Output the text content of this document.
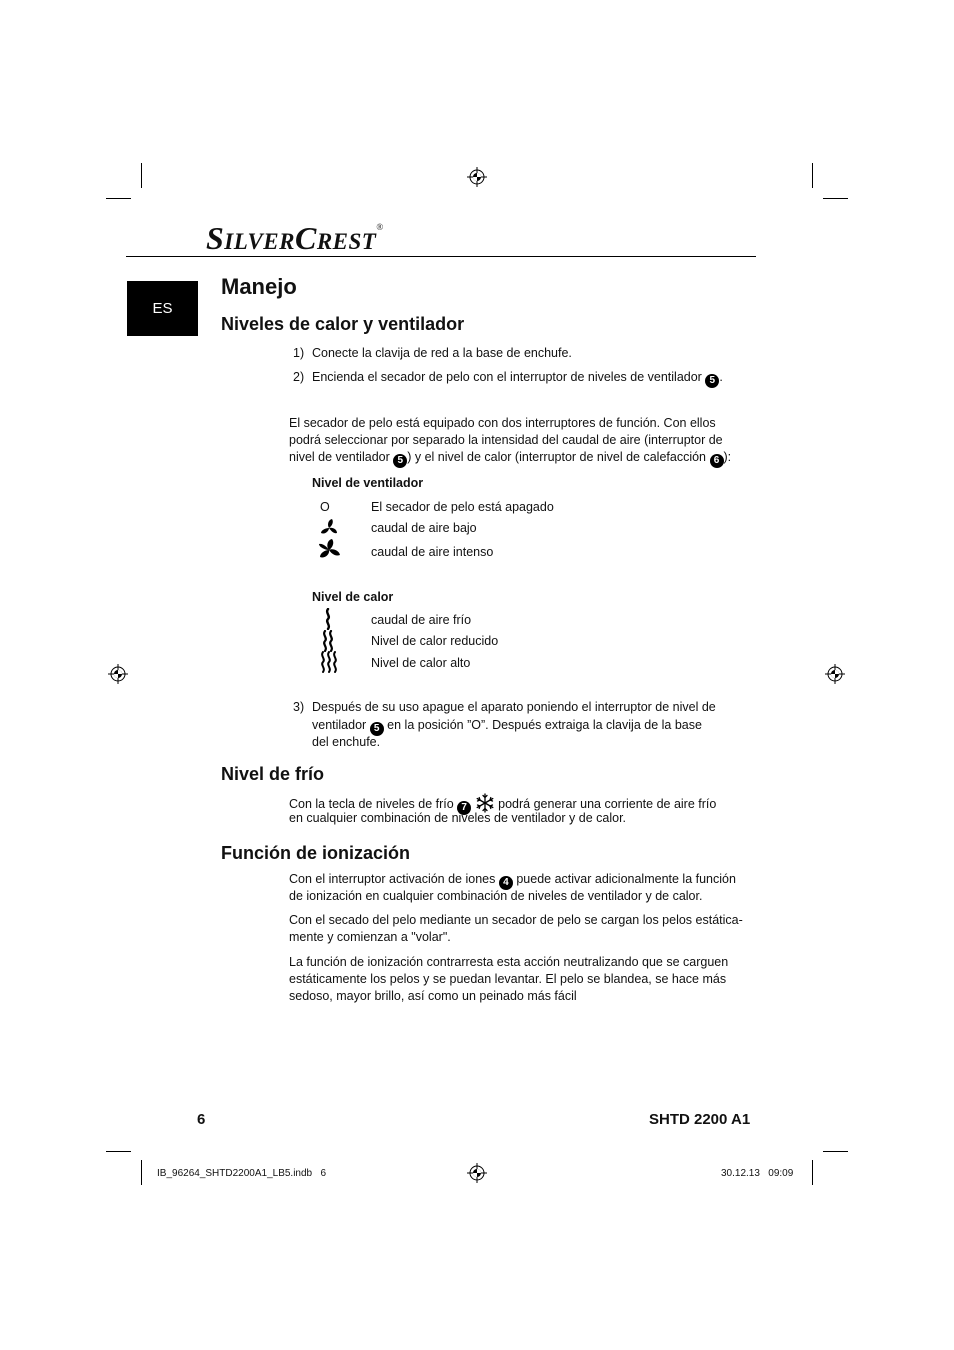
SILVERCREST®
ES
Manejo
Niveles de calor y ventilador
1) Conecte la clavija de red a la base de enchufe.
2) Encienda el secador de pelo con el interruptor de niveles de ventilador 5 .
El secador de pelo está equipado con dos interruptores de función. Con ellos
podrá seleccionar por separado la intensidad del caudal de aire (interruptor de
nivel de ventilador 5 ) y el nivel de calor (interruptor de nivel de calefacción 6 ):
Nivel de ventilador
O	El secador de pelo está apagado
caudal de aire bajo
caudal de aire intenso
Nivel de calor
caudal de aire frío
Nivel de calor reducido
Nivel de calor alto
3) Después de su uso apague el aparato poniendo el interruptor de nivel de
ventilador 5 en la posición ”O”. Después extraiga la clavija de la base
del enchufe.
Nivel de frío
Con la tecla de niveles de frío 7 podrá generar una corriente de aire frío
en cualquier combinación de niveles de ventilador y de calor.
Función de ionización
Con el interruptor activación de iones 4 puede activar adicionalmente la función
de ionización en cualquier combinación de niveles de ventilador y de calor.
Con el secado del pelo mediante un secador de pelo se cargan los pelos estática-
mente y comienzan a "volar".
La función de ionización contrarresta esta acción neutralizando que se carguen
estáticamente los pelos y se puedan levantar. El pelo se blandea, se hace más
sedoso, mayor brillo, así como un peinado más fácil
6	SHTD 2200 A1
IB_96264_SHTD2200A1_LB5.indb   6	30.12.13   09:09
